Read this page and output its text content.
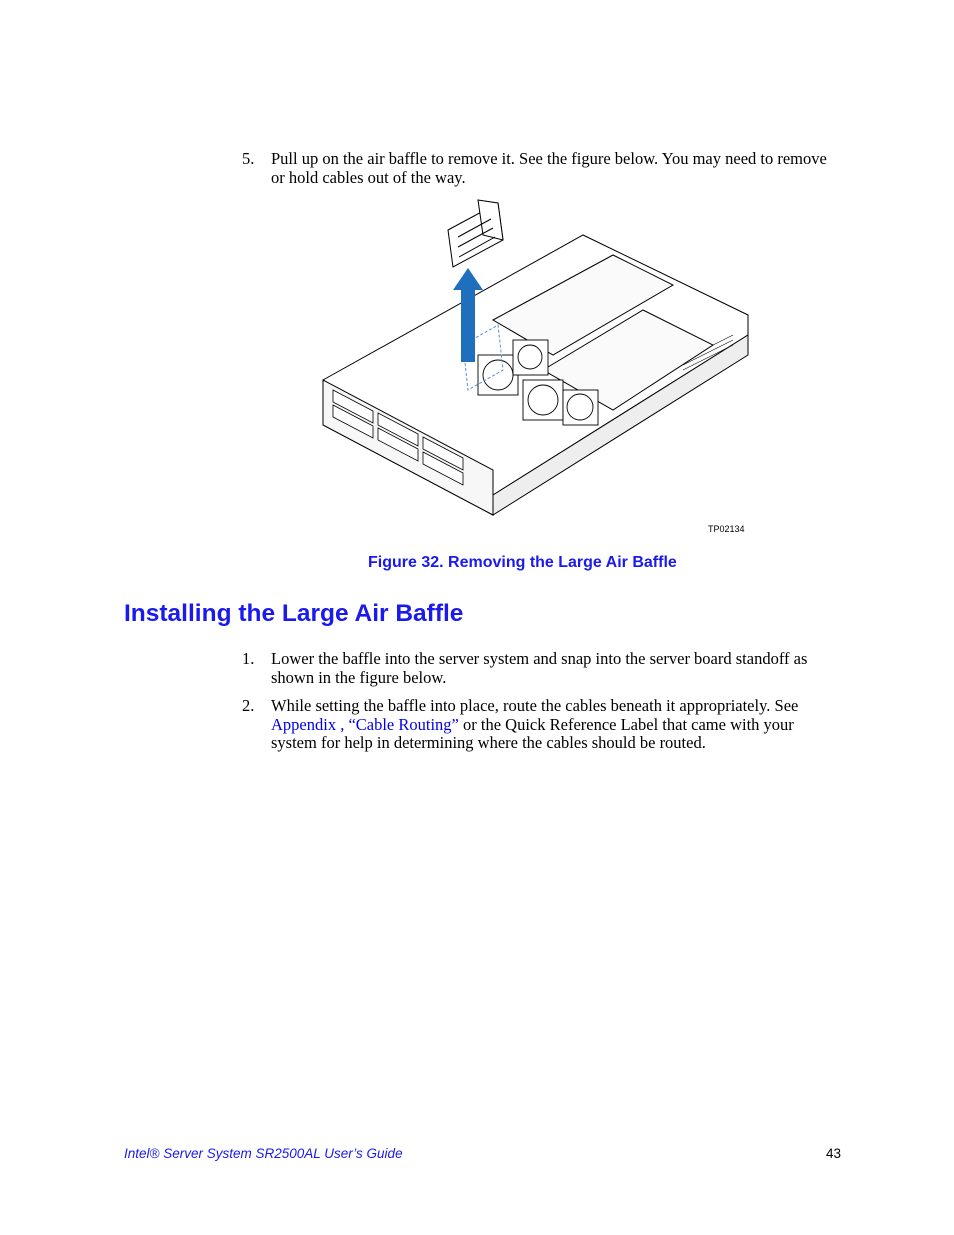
5.	Pull up on the air baffle to remove it. See the figure below. You may need to remove or hold cables out of the way.
TP02134
Figure 32. Removing the Large Air Baffle
Installing the Large Air Baffle
1.	Lower the baffle into the server system and snap into the server board standoff as shown in the figure below.
2.	While setting the baffle into place, route the cables beneath it appropriately. See Appendix , “Cable Routing” or the Quick Reference Label that came with your system for help in determining where the cables should be routed.
Intel® Server System SR2500AL User’s Guide	43
